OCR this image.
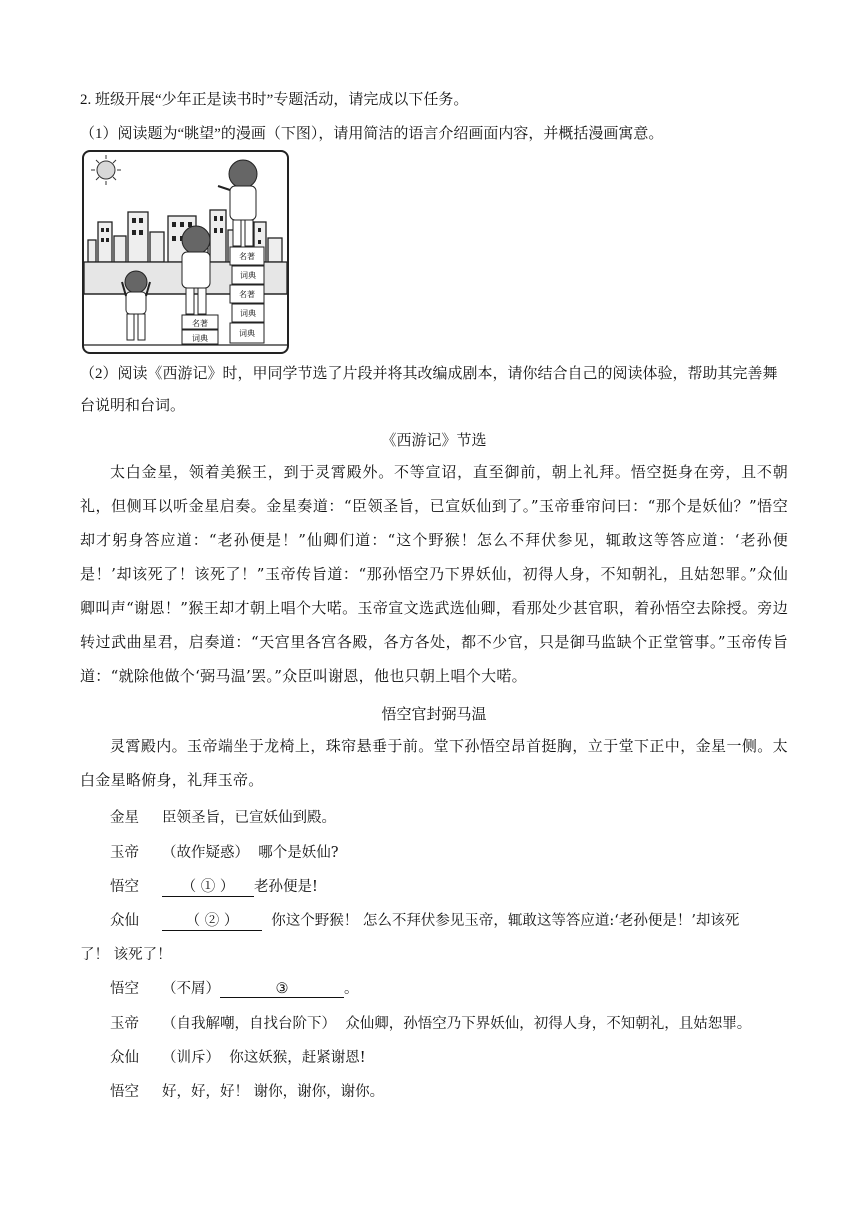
2. 班级开展“少年正是读书时”专题活动，请完成以下任务。
（1）阅读题为“眺望”的漫画（下图），请用简洁的语言介绍画面内容，并概括漫画寓意。
名著
词典
名著
词典
名著
词典
词典
（2）阅读《西游记》时，甲同学节选了片段并将其改编成剧本，请你结合自己的阅读体验，帮助其完善舞
台说明和台词。
《西游记》节选
太白金星，领着美猴王，到于灵霄殿外。不等宣诏，直至御前，朝上礼拜。悟空挺身在旁，且不朝礼，但侧耳以听金星启奏。金星奏道：“臣领圣旨，已宣妖仙到了。”玉帝垂帘问曰：“那个是妖仙？”悟空却才躬身答应道：“老孙便是！”仙卿们道：“这个野猴！怎么不拜伏参见，辄敢这等答应道：‘老孙便是！’却该死了！该死了！”玉帝传旨道：“那孙悟空乃下界妖仙，初得人身，不知朝礼，且姑恕罪。”众仙卿叫声“谢恩！”猴王却才朝上唱个大喏。玉帝宣文选武选仙卿，看那处少甚官职，着孙悟空去除授。旁边转过武曲星君，启奏道：“天宫里各宫各殿，各方各处，都不少官，只是御马监缺个正堂管事。”玉帝传旨道：“就除他做个‘弼马温’罢。”众臣叫谢恩，他也只朝上唱个大喏。
悟空官封弼马温
灵霄殿内。玉帝端坐于龙椅上，珠帘悬垂于前。堂下孙悟空昂首挺胸，立于堂下正中，金星一侧。太白金星略俯身，礼拜玉帝。
金星 臣领圣旨，已宣妖仙到殿。
玉帝 （故作疑惑） 哪个是妖仙?
悟空	（ ① ） 老孙便是!
众仙	（ ② ） 你这个野猴！ 怎么不拜伏参见玉帝，辄敢这等答应道:‘老孙便是！’却该死
了！ 该死了！
悟空 （不屑）	③	。
玉帝 （自我解嘲，自找台阶下） 众仙卿，孙悟空乃下界妖仙，初得人身，不知朝礼，且姑恕罪。
众仙 （训斥） 你这妖猴，赶紧谢恩!
悟空 好，好，好！ 谢你，谢你，谢你。
